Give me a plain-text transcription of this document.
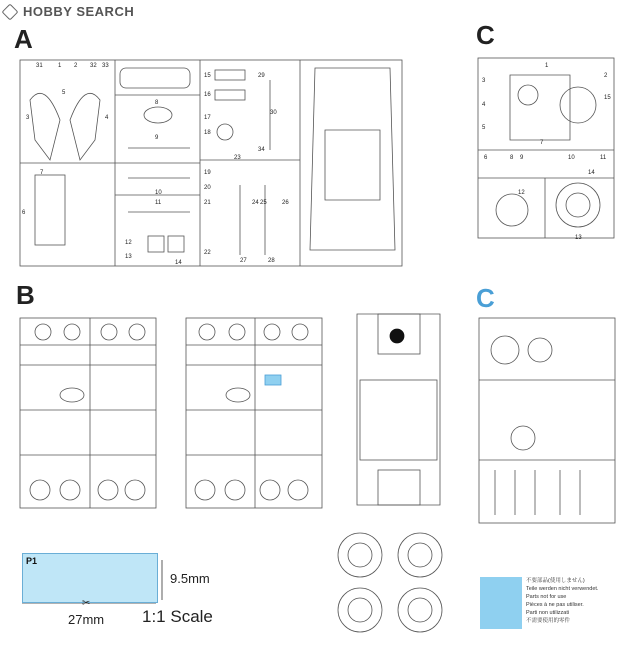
HOBBY SEARCH
A	C
B	C
P1
9.5mm
27mm 1:1 Scale
✂
不要部品(使用しません)
Teile werden nicht verwendet.
Parts not for use
Pièces à ne pas utiliser.
Parti non utilizzati
不需要使用的零件
31	1 2 32 33
3	4
5
6
7
8
9
10
11
12
13
14
15
16
17
18
19
20
21
22
23
24 25	26
27	28
29
30
34
1
2
3
4
5
6
7
8 9	10	11
12
13
14
15
